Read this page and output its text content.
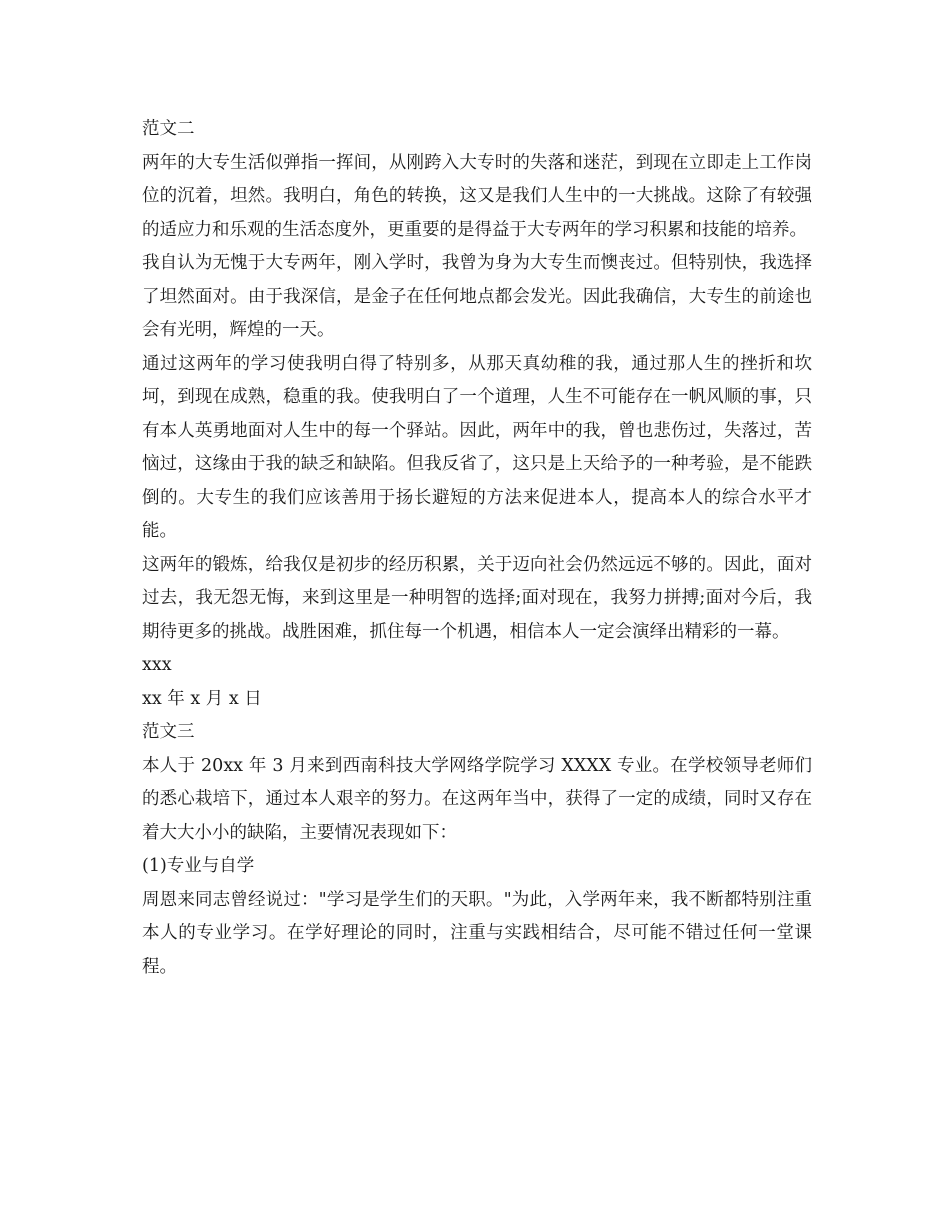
范文二

两年的大专生活似弹指一挥间，从刚跨入大专时的失落和迷茫，到现在立即走上工作岗位的沉着，坦然。我明白，角色的转换，这又是我们人生中的一大挑战。这除了有较强的适应力和乐观的生活态度外，更重要的是得益于大专两年的学习积累和技能的培养。

我自认为无愧于大专两年，刚入学时，我曾为身为大专生而懊丧过。但特别快，我选择了坦然面对。由于我深信，是金子在任何地点都会发光。因此我确信，大专生的前途也会有光明，辉煌的一天。

通过这两年的学习使我明白得了特别多，从那天真幼稚的我，通过那人生的挫折和坎坷，到现在成熟，稳重的我。使我明白了一个道理，人生不可能存在一帆风顺的事，只有本人英勇地面对人生中的每一个驿站。因此，两年中的我，曾也悲伤过，失落过，苦恼过，这缘由于我的缺乏和缺陷。但我反省了，这只是上天给予的一种考验，是不能跌倒的。大专生的我们应该善用于扬长避短的方法来促进本人，提高本人的综合水平才能。

这两年的锻炼，给我仅是初步的经历积累，关于迈向社会仍然远远不够的。因此，面对过去，我无怨无悔，来到这里是一种明智的选择;面对现在，我努力拼搏;面对今后，我期待更多的挑战。战胜困难，抓住每一个机遇，相信本人一定会演绎出精彩的一幕。

xxx

xx 年 x 月 x 日

范文三

本人于 20xx 年 3 月来到西南科技大学网络学院学习 XXXX 专业。在学校领导老师们的悉心栽培下，通过本人艰辛的努力。在这两年当中，获得了一定的成绩，同时又存在着大大小小的缺陷，主要情况表现如下：

(1)专业与自学

周恩来同志曾经说过："学习是学生们的天职。"为此，入学两年来，我不断都特别注重本人的专业学习。在学好理论的同时，注重与实践相结合，尽可能不错过任何一堂课程。
